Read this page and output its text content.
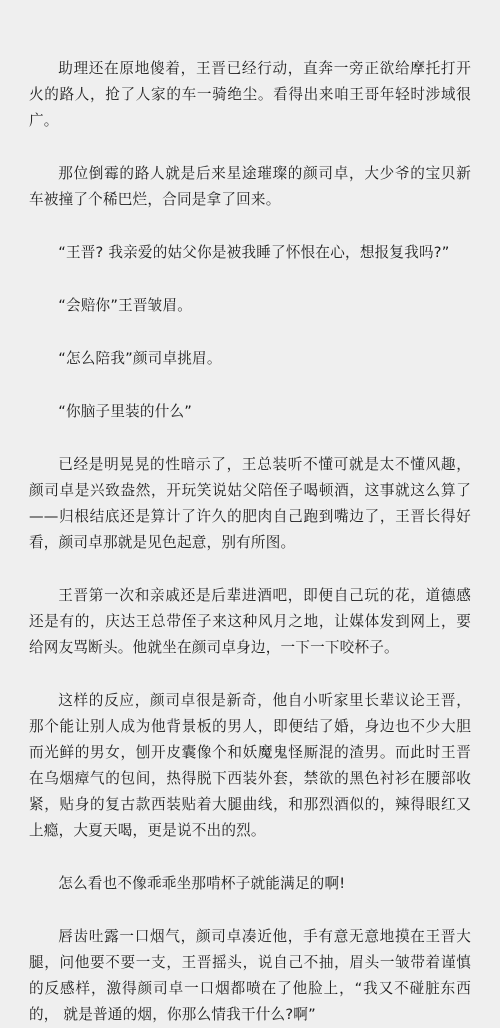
助理还在原地傻着，王晋已经行动，直奔一旁正欲给摩托打开火的路人，抢了人家的车一骑绝尘。看得出来咱王哥年轻时涉域很广。

那位倒霉的路人就是后来星途璀璨的颜司卓，大少爷的宝贝新车被撞了个稀巴烂，合同是拿了回来。

“王晋? 我亲爱的姑父你是被我睡了怀恨在心，想报复我吗?”

“会赔你”王晋皱眉。

“怎么陪我”颜司卓挑眉。

“你脑子里装的什么”

已经是明晃晃的性暗示了，王总装听不懂可就是太不懂风趣，颜司卓是兴致盎然，开玩笑说姑父陪侄子喝顿酒，这事就这么算了——归根结底还是算计了许久的肥肉自己跑到嘴边了，王晋长得好看，颜司卓那就是见色起意，别有所图。

王晋第一次和亲戚还是后辈进酒吧，即便自己玩的花，道德感还是有的，庆达王总带侄子来这种风月之地，让媒体发到网上，要给网友骂断头。他就坐在颜司卓身边，一下一下咬杯子。

这样的反应，颜司卓很是新奇，他自小听家里长辈议论王晋，那个能让别人成为他背景板的男人，即便结了婚，身边也不少大胆而光鲜的男女，刨开皮囊像个和妖魔鬼怪厮混的渣男。而此时王晋在乌烟瘴气的包间，热得脱下西装外套，禁欲的黑色衬衫在腰部收紧，贴身的复古款西装贴着大腿曲线，和那烈酒似的，辣得眼红又上瘾，大夏天喝，更是说不出的烈。

怎么看也不像乖乖坐那啃杯子就能满足的啊!

唇齿吐露一口烟气，颜司卓凑近他，手有意无意地摸在王晋大腿，问他要不要一支，王晋摇头，说自己不抽，眉头一皱带着谨慎的反感样，激得颜司卓一口烟都喷在了他脸上，“我又不碰脏东西的， 就是普通的烟，你那么情我干什么?啊”
